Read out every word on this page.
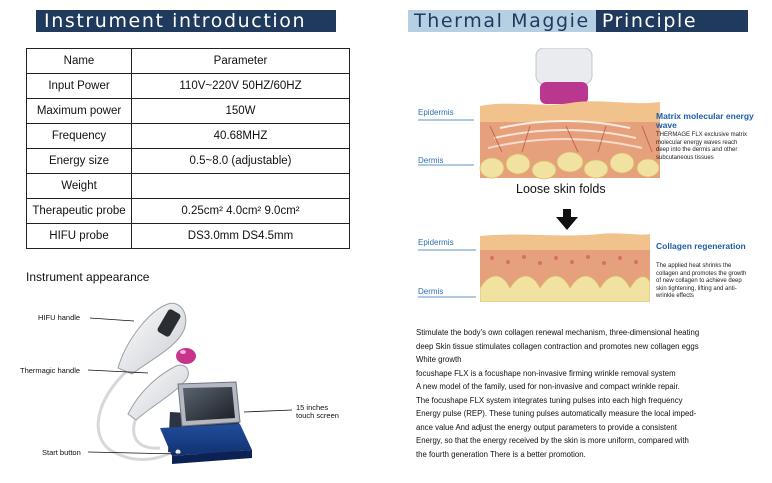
Instrument introduction
Name	Parameter
Input Power	110V~220V 50HZ/60HZ
Maximum power	150W
Frequency	40.68MHZ
Energy size	0.5~8.0 (adjustable)
Weight	
Therapeutic probe	0.25cm² 4.0cm² 9.0cm²
HIFU probe	DS3.0mm DS4.5mm
Instrument appearance
HIFU handle
Thermagic handle
Start button
15 inches
touch screen
Thermal Maggie Principle
Epidermis
Dermis
Matrix molecular energy wave
THERMAGE FLX exclusive matrix molecular energy waves reach deep into the dermis and other subcutaneous tissues
Loose skin folds
Epidermis
Dermis
Collagen regeneration
The applied heat shrinks the collagen and promotes the growth of new collagen to achieve deep skin tightening, lifting and anti-wrinkle effects
Stimulate the body's own collagen renewal mechanism, three-dimensional heating
deep Skin tissue stimulates collagen contraction and promotes new collagen eggs
White growth
focushape FLX is a focushape non-invasive firming wrinkle removal system
A new model of the family, used for non-invasive and compact wrinkle repair.
The focushape FLX system integrates tuning pulses into each high frequency
Energy pulse (REP). These tuning pulses automatically measure the local imped-
ance value And adjust the energy output parameters to provide a consistent
Energy, so that the energy received by the skin is more uniform, compared with
the fourth generation There is a better promotion.
